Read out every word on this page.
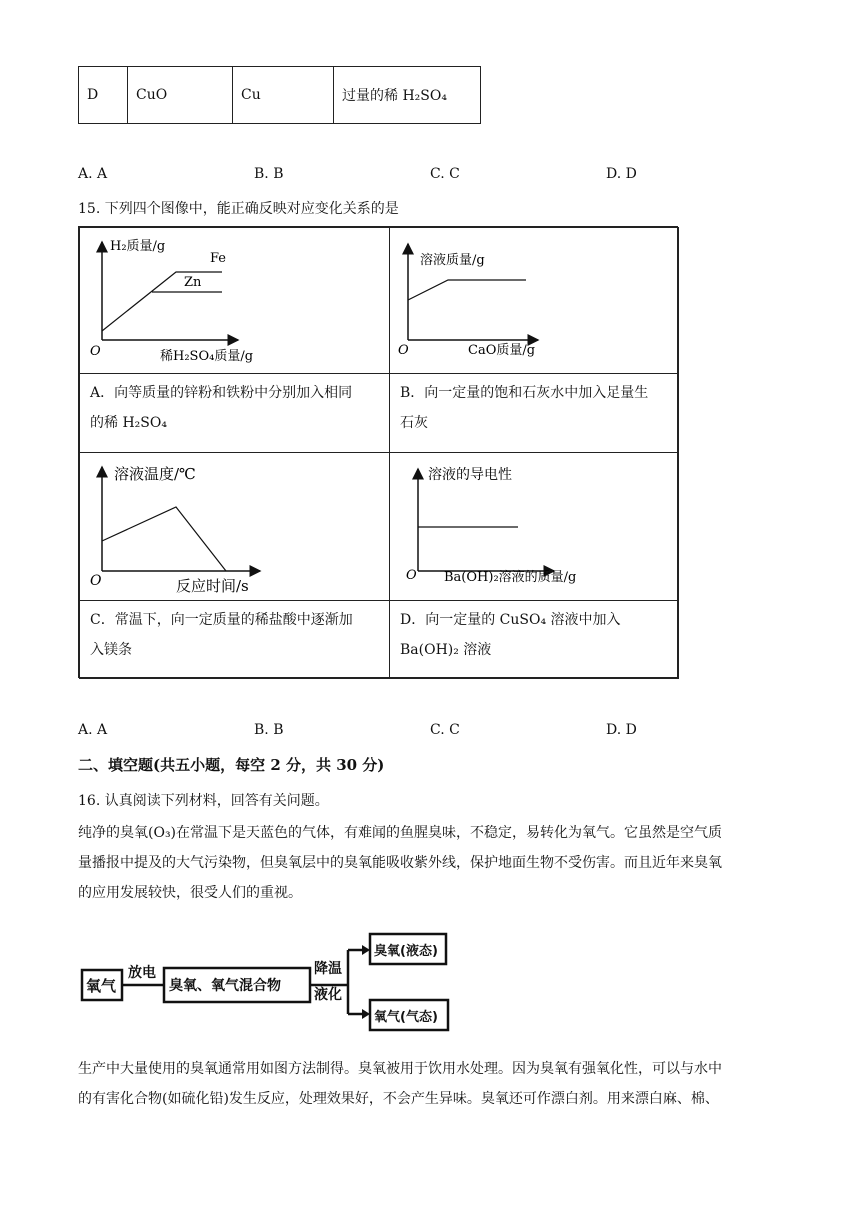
D	CuO	Cu	过量的稀 H₂SO₄
A. A	B. B	C. C	D. D
15. 下列四个图像中，能正确反映对应变化关系的是
H₂质量/g
Fe
Zn
O	稀H₂SO₄质量/g
溶液质量/g
O	CaO质量/g
A．向等质量的锌粉和铁粉中分别加入相同
的稀 H₂SO₄
B．向一定量的饱和石灰水中加入足量生
石灰
溶液温度/℃
O	反应时间/s
溶液的导电性
O Ba(OH)₂溶液的质量/g
C．常温下，向一定质量的稀盐酸中逐渐加
入镁条
D．向一定量的 CuSO₄ 溶液中加入
Ba(OH)₂ 溶液
A. A	B. B	C. C	D. D
二、填空题(共五小题，每空 2 分，共 30 分)
16. 认真阅读下列材料，回答有关问题。
纯净的臭氧(O₃)在常温下是天蓝色的气体，有难闻的鱼腥臭味，不稳定，易转化为氧气。它虽然是空气质
量播报中提及的大气污染物，但臭氧层中的臭氧能吸收紫外线，保护地面生物不受伤害。而且近年来臭氧
的应用发展较快，很受人们的重视。
氧气
放电
臭氧、氧气混合物
降温
液化
臭氧(液态)
氧气(气态)
生产中大量使用的臭氧通常用如图方法制得。臭氧被用于饮用水处理。因为臭氧有强氧化性，可以与水中
的有害化合物(如硫化铅)发生反应，处理效果好，不会产生异味。臭氧还可作漂白剂。用来漂白麻、棉、
